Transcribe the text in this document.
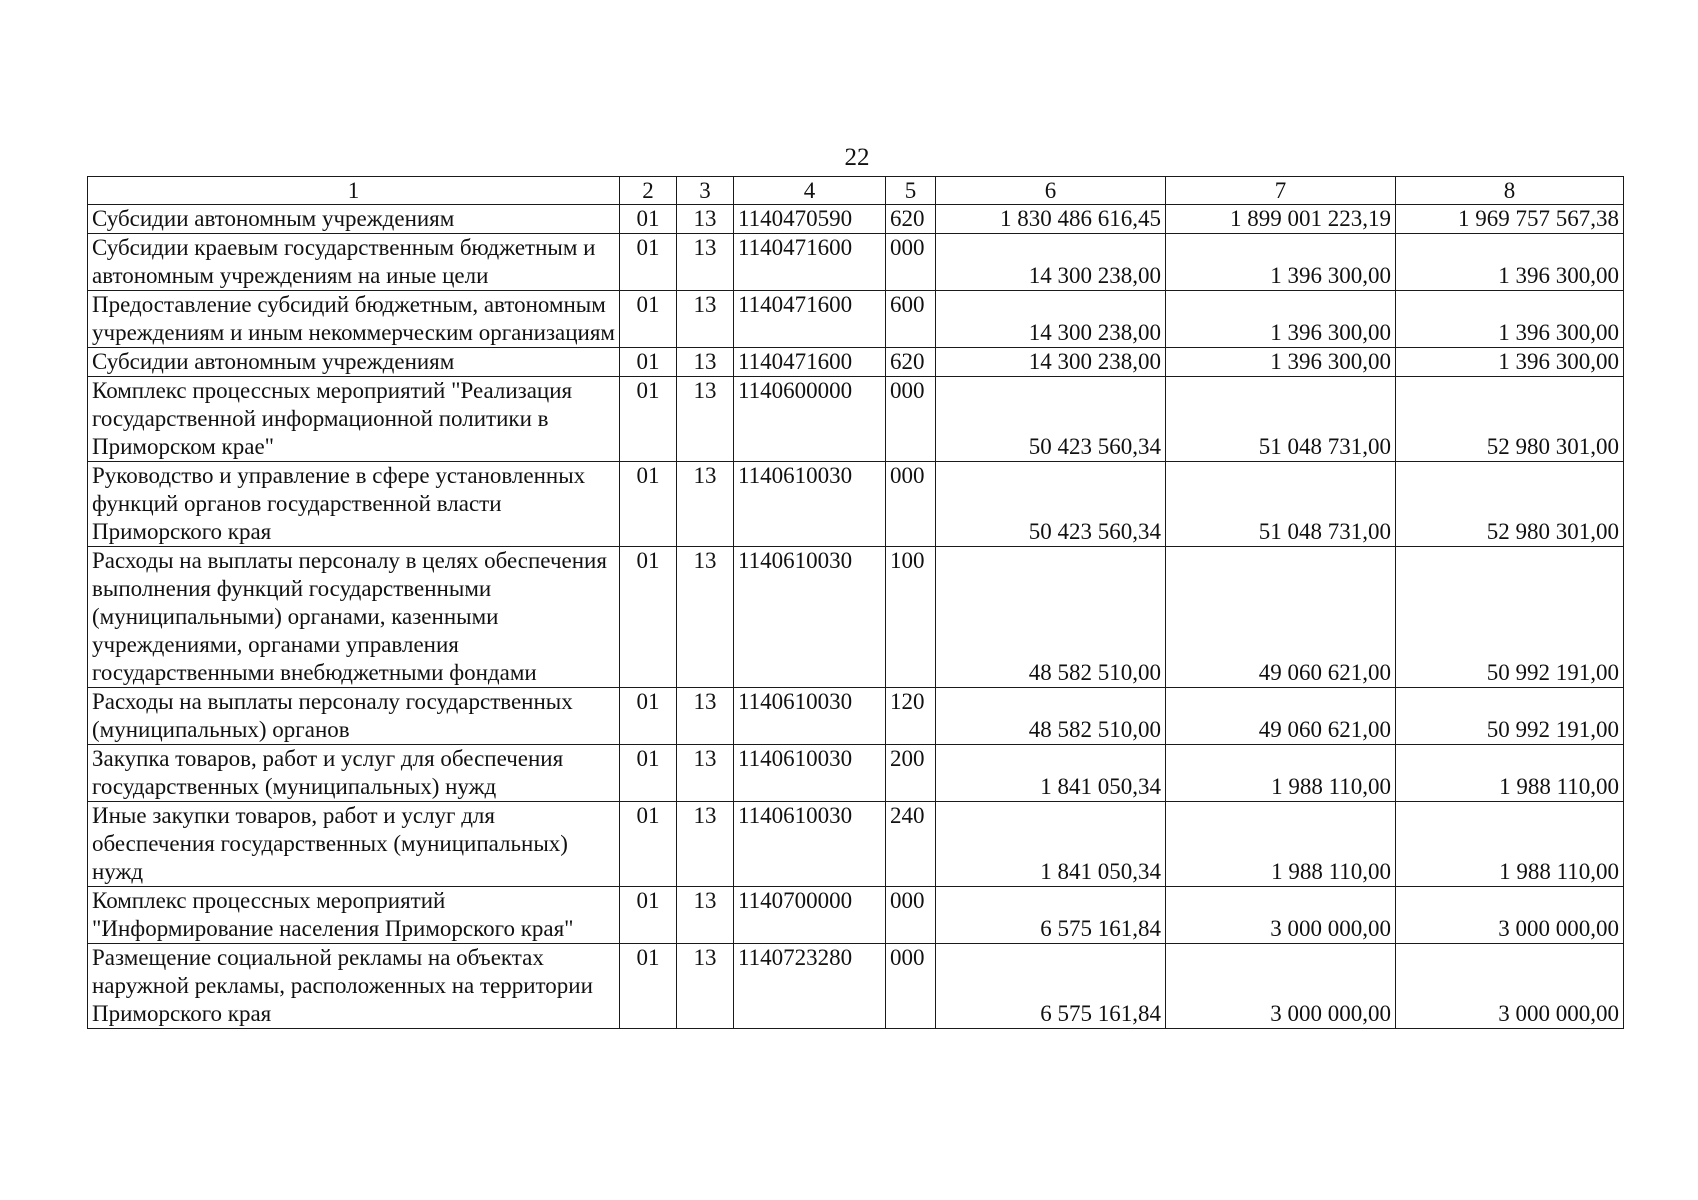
22
1	2	3	4	5	6	7	8
Субсидии автономным учреждениям	01	13	1140470590	620	1 830 486 616,45	1 899 001 223,19	1 969 757 567,38
Субсидии краевым государственным бюджетным и автономным учреждениям на иные цели	01	13	1140471600	000	14 300 238,00	1 396 300,00	1 396 300,00
Предоставление субсидий бюджетным, автономным учреждениям и иным некоммерческим организациям	01	13	1140471600	600	14 300 238,00	1 396 300,00	1 396 300,00
Субсидии автономным учреждениям	01	13	1140471600	620	14 300 238,00	1 396 300,00	1 396 300,00
Комплекс процессных мероприятий "Реализация государственной информационной политики в Приморском крае"	01	13	1140600000	000	50 423 560,34	51 048 731,00	52 980 301,00
Руководство и управление в сфере установленных функций органов государственной власти Приморского края	01	13	1140610030	000	50 423 560,34	51 048 731,00	52 980 301,00
Расходы на выплаты персоналу в целях обеспечения выполнения функций государственными (муниципальными) органами, казенными учреждениями, органами управления государственными внебюджетными фондами	01	13	1140610030	100	48 582 510,00	49 060 621,00	50 992 191,00
Расходы на выплаты персоналу государственных (муниципальных) органов	01	13	1140610030	120	48 582 510,00	49 060 621,00	50 992 191,00
Закупка товаров, работ и услуг для обеспечения государственных (муниципальных) нужд	01	13	1140610030	200	1 841 050,34	1 988 110,00	1 988 110,00
Иные закупки товаров, работ и услуг для обеспечения государственных (муниципальных) нужд	01	13	1140610030	240	1 841 050,34	1 988 110,00	1 988 110,00
Комплекс процессных мероприятий "Информирование населения Приморского края"	01	13	1140700000	000	6 575 161,84	3 000 000,00	3 000 000,00
Размещение социальной рекламы на объектах наружной рекламы, расположенных на территории Приморского края	01	13	1140723280	000	6 575 161,84	3 000 000,00	3 000 000,00
